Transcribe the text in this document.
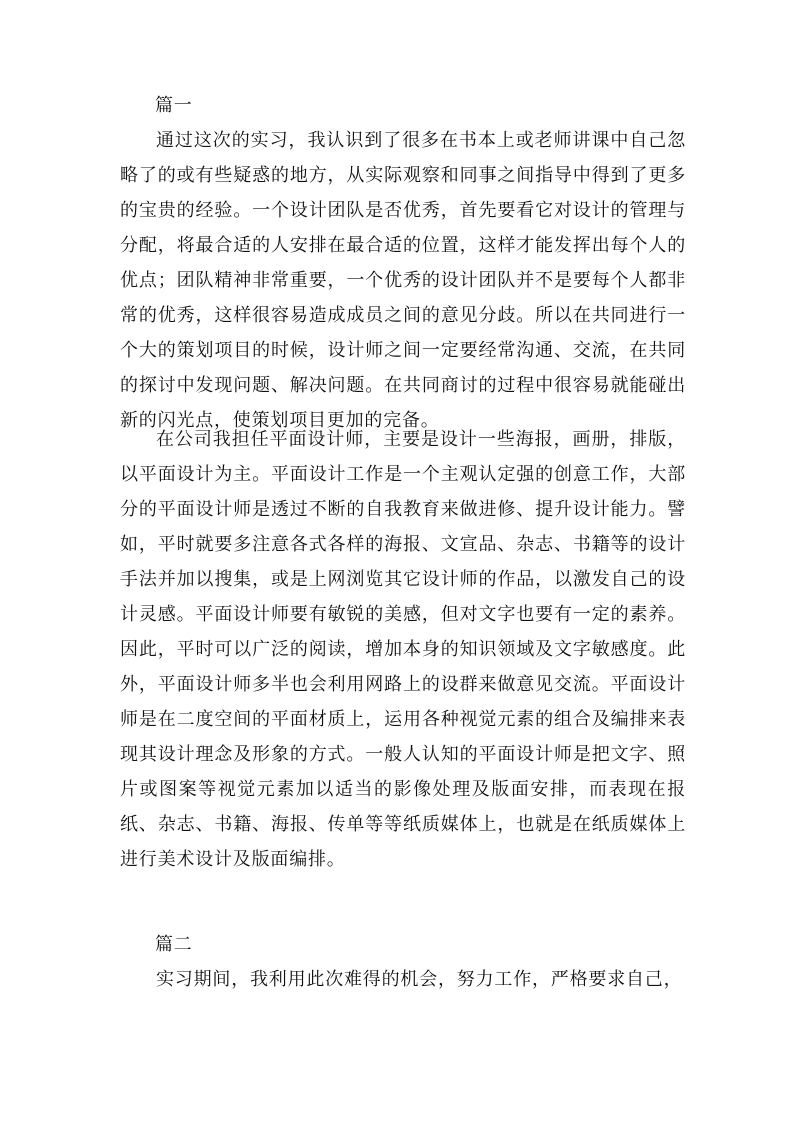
篇一

通过这次的实习，我认识到了很多在书本上或老师讲课中自己忽略了的或有些疑惑的地方，从实际观察和同事之间指导中得到了更多的宝贵的经验。一个设计团队是否优秀，首先要看它对设计的管理与分配，将最合适的人安排在最合适的位置，这样才能发挥出每个人的优点；团队精神非常重要，一个优秀的设计团队并不是要每个人都非常的优秀，这样很容易造成成员之间的意见分歧。所以在共同进行一个大的策划项目的时候，设计师之间一定要经常沟通、交流，在共同的探讨中发现问题、解决问题。在共同商讨的过程中很容易就能碰出新的闪光点，使策划项目更加的完备。

在公司我担任平面设计师，主要是设计一些海报，画册，排版，以平面设计为主。平面设计工作是一个主观认定强的创意工作，大部分的平面设计师是透过不断的自我教育来做进修、提升设计能力。譬如，平时就要多注意各式各样的海报、文宣品、杂志、书籍等的设计手法并加以搜集，或是上网浏览其它设计师的作品，以激发自己的设计灵感。平面设计师要有敏锐的美感，但对文字也要有一定的素养。因此，平时可以广泛的阅读，增加本身的知识领域及文字敏感度。此外，平面设计师多半也会利用网路上的设群来做意见交流。平面设计师是在二度空间的平面材质上，运用各种视觉元素的组合及编排来表现其设计理念及形象的方式。一般人认知的平面设计师是把文字、照片或图案等视觉元素加以适当的影像处理及版面安排，而表现在报纸、杂志、书籍、海报、传单等等纸质媒体上，也就是在纸质媒体上进行美术设计及版面编排。

篇二

实习期间，我利用此次难得的机会，努力工作，严格要求自己，
